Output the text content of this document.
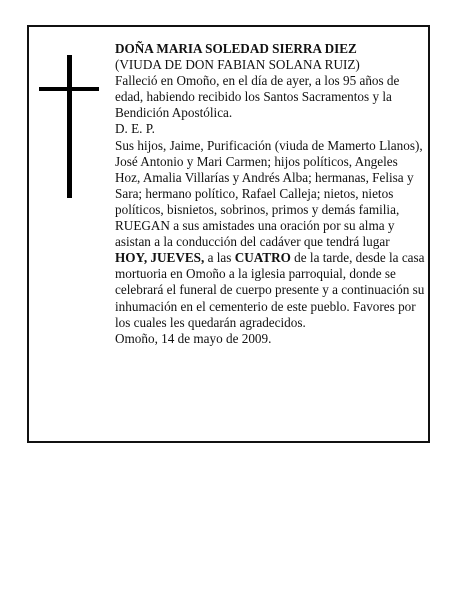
DOÑA MARIA SOLEDAD SIERRA DIEZ

(VIUDA DE DON FABIAN SOLANA RUIZ)

Falleció en Omoño, en el día de ayer, a los 95 años de edad, habiendo recibido los Santos Sacramentos y la Bendición Apostólica.

D. E. P.

Sus hijos, Jaime, Purificación (viuda de Mamerto Llanos), José Antonio y Mari Carmen; hijos políticos, Angeles Hoz, Amalia Villarías y Andrés Alba; hermanas, Felisa y Sara; hermano político, Rafael Calleja; nietos, nietos políticos, bisnietos, sobrinos, primos y demás familia,

RUEGAN a sus amistades una oración por su alma y asistan a la conducción del cadáver que tendrá lugar HOY, JUEVES, a las CUATRO de la tarde, desde la casa mortuoria en Omoño a la iglesia parroquial, donde se celebrará el funeral de cuerpo presente y a continuación su inhumación en el cementerio de este pueblo. Favores por los cuales les quedarán agradecidos.

Omoño, 14 de mayo de 2009.
